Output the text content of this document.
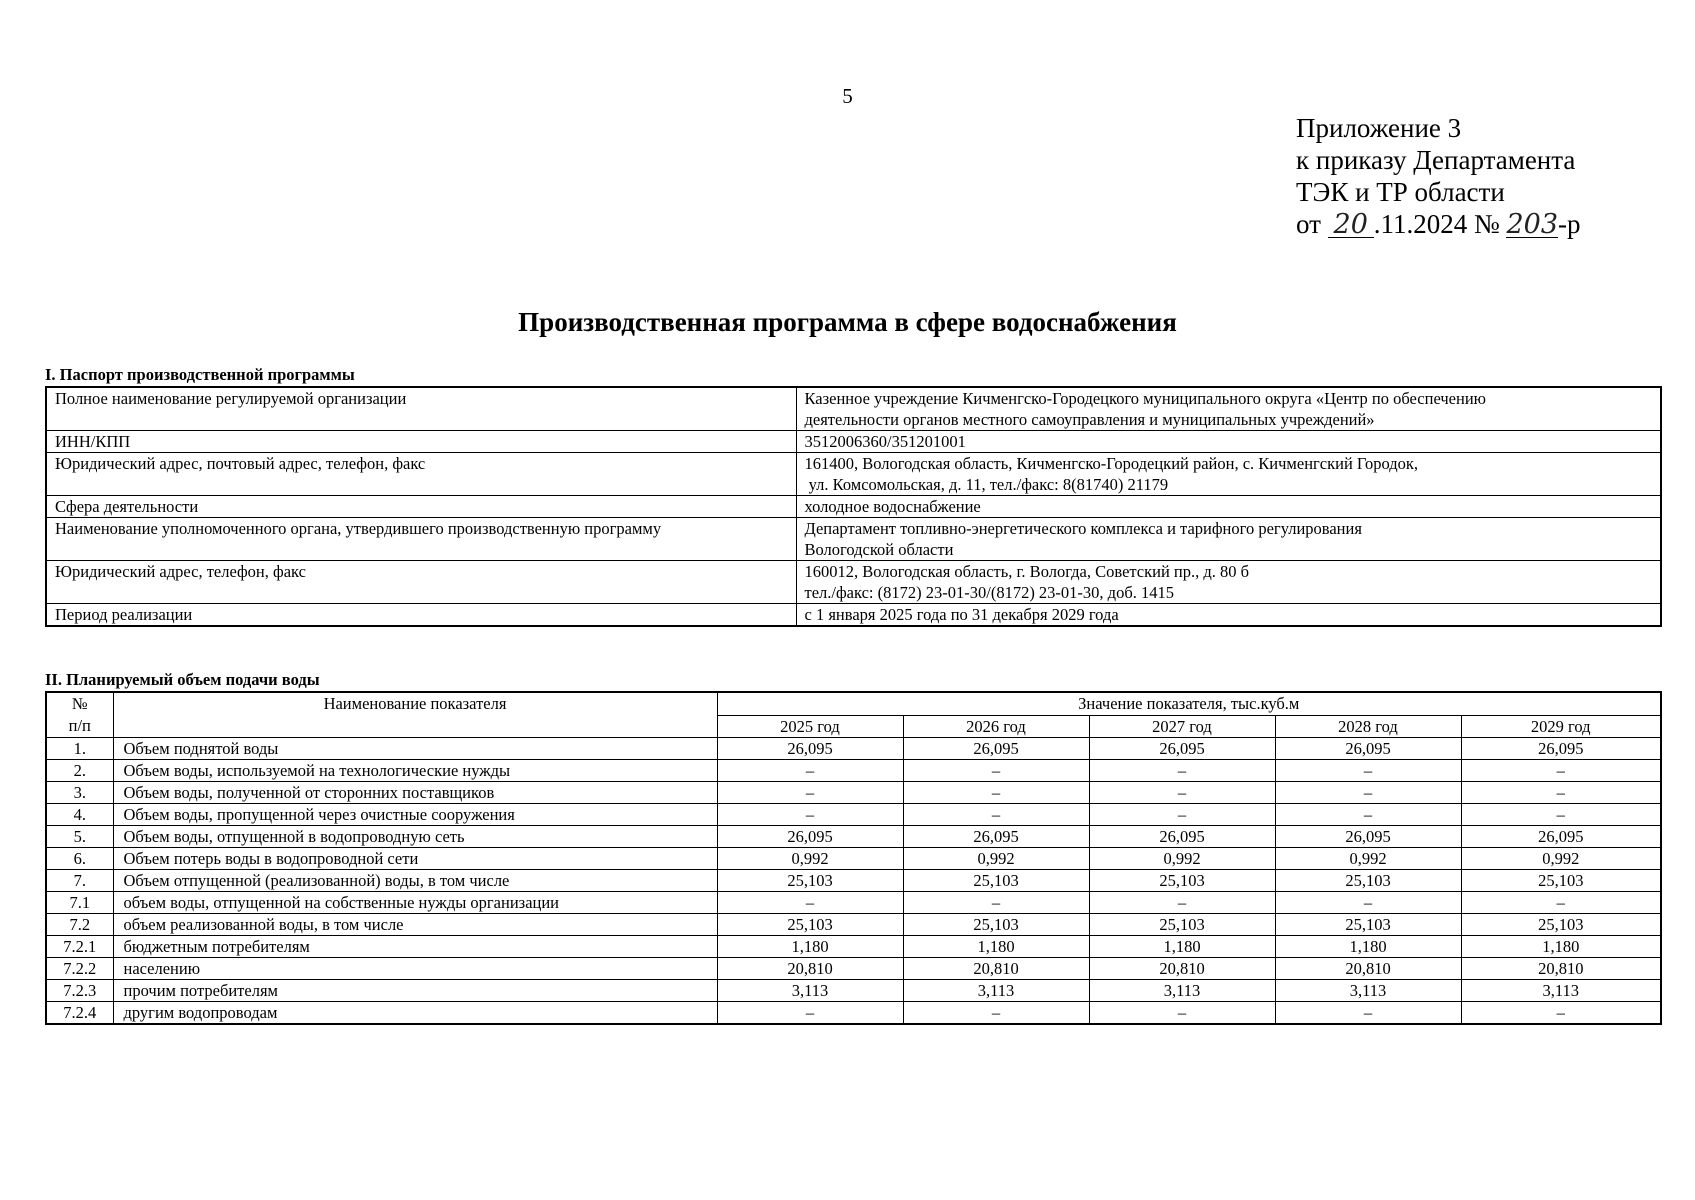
5
Приложение 3
к приказу Департамента
ТЭК и ТР области
от 20 .11.2024 № 203-р
Производственная программа в сфере водоснабжения
I. Паспорт производственной программы
Полное наименование регулируемой организации	Казенное учреждение Кичменгско-Городецкого муниципального округа «Центр по обеспечению
деятельности органов местного самоуправления и муниципальных учреждений»

ИНН/КПП	3512006360/351201001

Юридический адрес, почтовый адрес, телефон, факс	161400, Вологодская область, Кичменгско-Городецкий район, с. Кичменгский Городок,
ул. Комсомольская, д. 11, тел./факс: 8(81740) 21179

Сфера деятельности	холодное водоснабжение

Наименование уполномоченного органа, утвердившего производственную программу	Департамент топливно-энергетического комплекса и тарифного регулирования
Вологодской области

Юридический адрес, телефон, факс	160012, Вологодская область, г. Вологда, Советский пр., д. 80 б
тел./факс: (8172) 23-01-30/(8172) 23-01-30, доб. 1415

Период реализации	с 1 января 2025 года по 31 декабря 2029 года
II. Планируемый объем подачи воды
№
п/п	Наименование показателя	Значение показателя, тыс.куб.м				
		2025 год	2026 год	2027 год	2028 год	2029 год
1.	Объем поднятой воды	26,095	26,095	26,095	26,095	26,095
2.	Объем воды, используемой на технологические нужды	–	–	–	–	–
3.	Объем воды, полученной от сторонних поставщиков	–	–	–	–	–
4.	Объем воды, пропущенной через очистные сооружения	–	–	–	–	–
5.	Объем воды, отпущенной в водопроводную сеть	26,095	26,095	26,095	26,095	26,095
6.	Объем потерь воды в водопроводной сети	0,992	0,992	0,992	0,992	0,992
7.	Объем отпущенной (реализованной) воды, в том числе	25,103	25,103	25,103	25,103	25,103
7.1	объем воды, отпущенной на собственные нужды организации	–	–	–	–	–
7.2	объем реализованной воды, в том числе	25,103	25,103	25,103	25,103	25,103
7.2.1	бюджетным потребителям	1,180	1,180	1,180	1,180	1,180
7.2.2	населению	20,810	20,810	20,810	20,810	20,810
7.2.3	прочим потребителям	3,113	3,113	3,113	3,113	3,113
7.2.4	другим водопроводам	–	–	–	–	–
